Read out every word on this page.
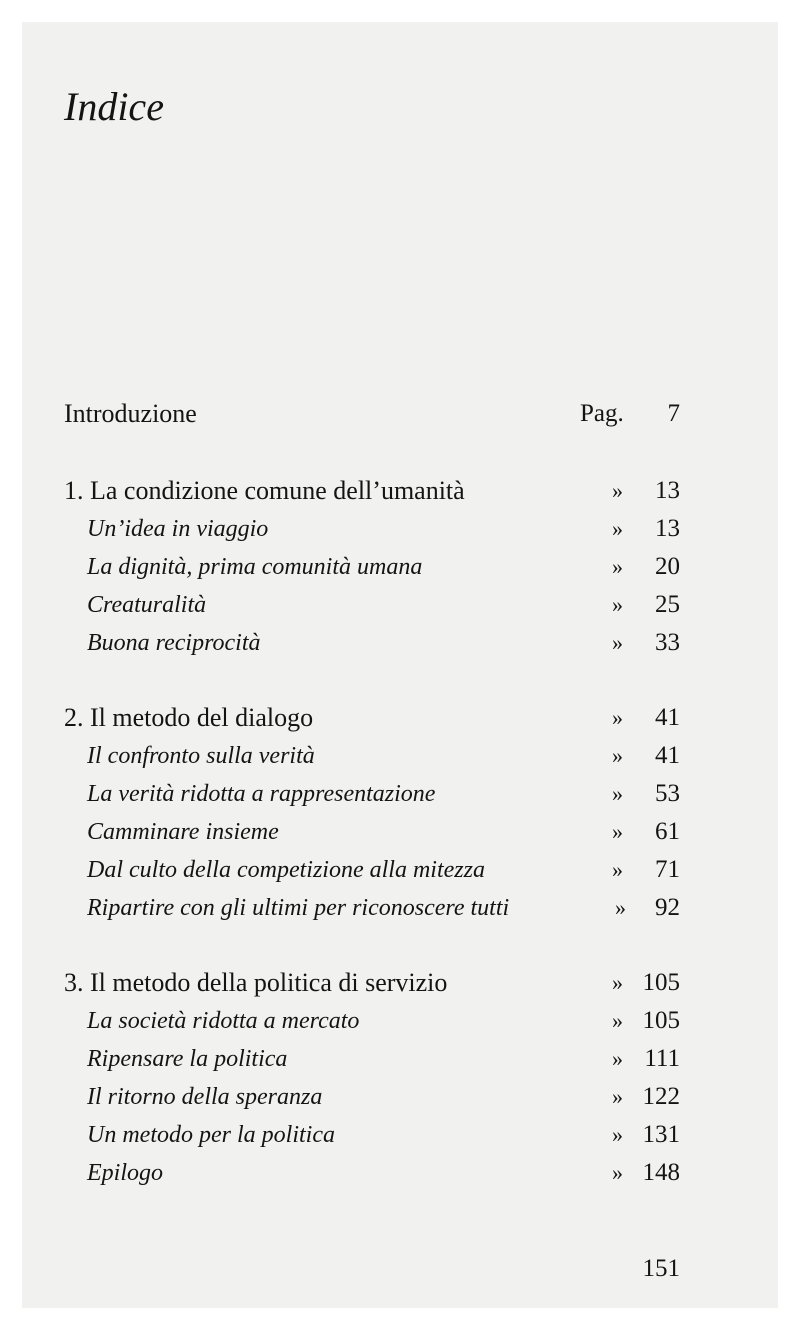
Indice
Introduzione	Pag. 7
1. La condizione comune dell’umanità	» 13
Un’idea in viaggio	» 13
La dignità, prima comunità umana	» 20
Creaturalità	» 25
Buona reciprocità	» 33
2. Il metodo del dialogo	» 41
Il confronto sulla verità	» 41
La verità ridotta a rappresentazione	» 53
Camminare insieme	» 61
Dal culto della competizione alla mitezza	» 71
Ripartire con gli ultimi per riconoscere tutti	» 92
3. Il metodo della politica di servizio	» 105
La società ridotta a mercato	» 105
Ripensare la politica	» 111
Il ritorno della speranza	» 122
Un metodo per la politica	» 131
Epilogo	» 148
151
